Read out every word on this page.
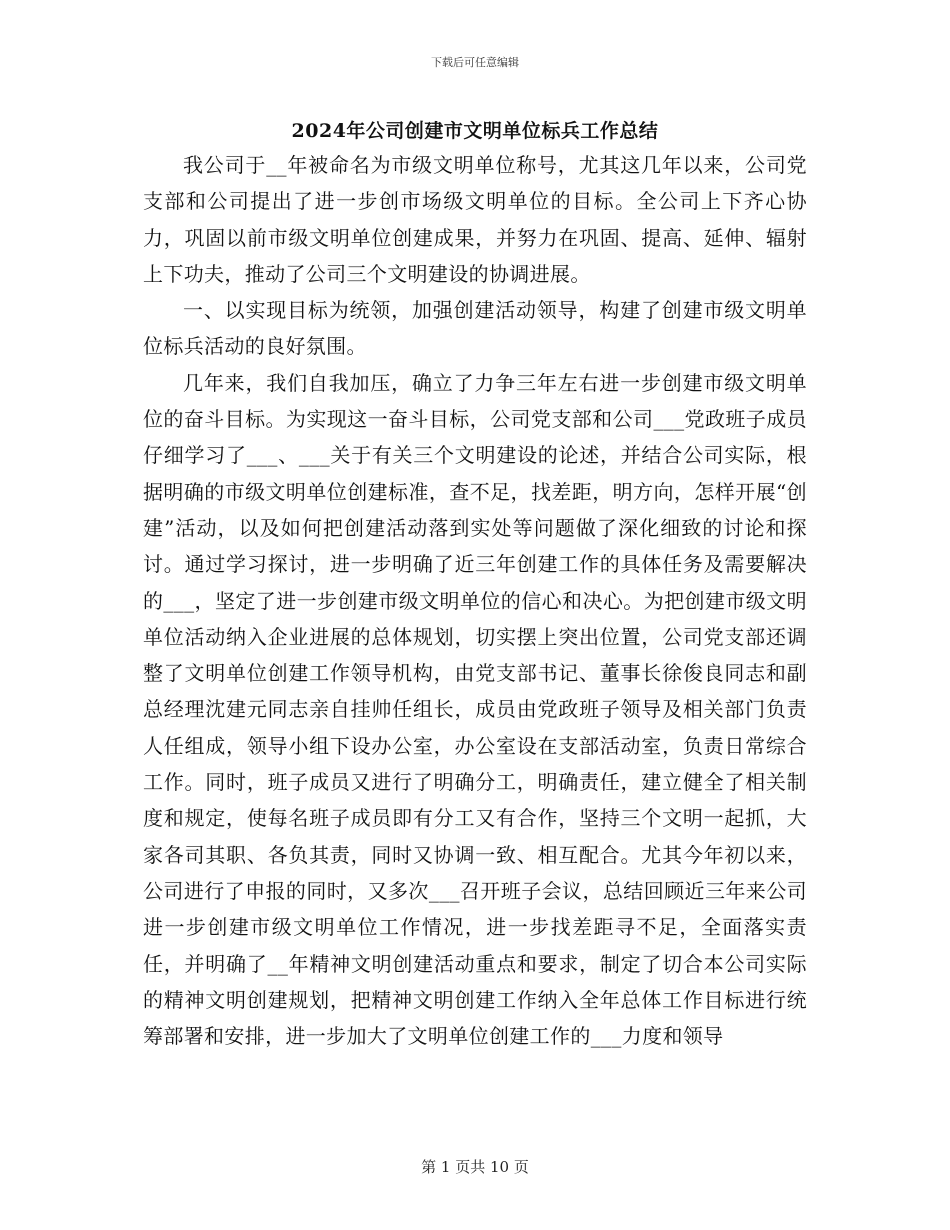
下载后可任意编辑
2024年公司创建市文明单位标兵工作总结

我公司于__年被命名为市级文明单位称号，尤其这几年以来，公司党支部和公司提出了进一步创市场级文明单位的目标。全公司上下齐心协力，巩固以前市级文明单位创建成果，并努力在巩固、提高、延伸、辐射上下功夫，推动了公司三个文明建设的协调进展。

一、以实现目标为统领，加强创建活动领导，构建了创建市级文明单位标兵活动的良好氛围。

几年来，我们自我加压，确立了力争三年左右进一步创建市级文明单位的奋斗目标。为实现这一奋斗目标，公司党支部和公司___党政班子成员仔细学习了___、___关于有关三个文明建设的论述，并结合公司实际，根据明确的市级文明单位创建标准，查不足，找差距，明方向，怎样开展“创建”活动，以及如何把创建活动落到实处等问题做了深化细致的讨论和探讨。通过学习探讨，进一步明确了近三年创建工作的具体任务及需要解决的___，坚定了进一步创建市级文明单位的信心和决心。为把创建市级文明单位活动纳入企业进展的总体规划，切实摆上突出位置，公司党支部还调整了文明单位创建工作领导机构，由党支部书记、董事长徐俊良同志和副总经理沈建元同志亲自挂帅任组长，成员由党政班子领导及相关部门负责人任组成，领导小组下设办公室，办公室设在支部活动室，负责日常综合工作。同时，班子成员又进行了明确分工，明确责任，建立健全了相关制度和规定，使每名班子成员即有分工又有合作，坚持三个文明一起抓，大家各司其职、各负其责，同时又协调一致、相互配合。尤其今年初以来，公司进行了申报的同时，又多次___召开班子会议，总结回顾近三年来公司进一步创建市级文明单位工作情况，进一步找差距寻不足，全面落实责任，并明确了__年精神文明创建活动重点和要求，制定了切合本公司实际的精神文明创建规划，把精神文明创建工作纳入全年总体工作目标进行统筹部署和安排，进一步加大了文明单位创建工作的___力度和领导

第 1 页共 10 页
